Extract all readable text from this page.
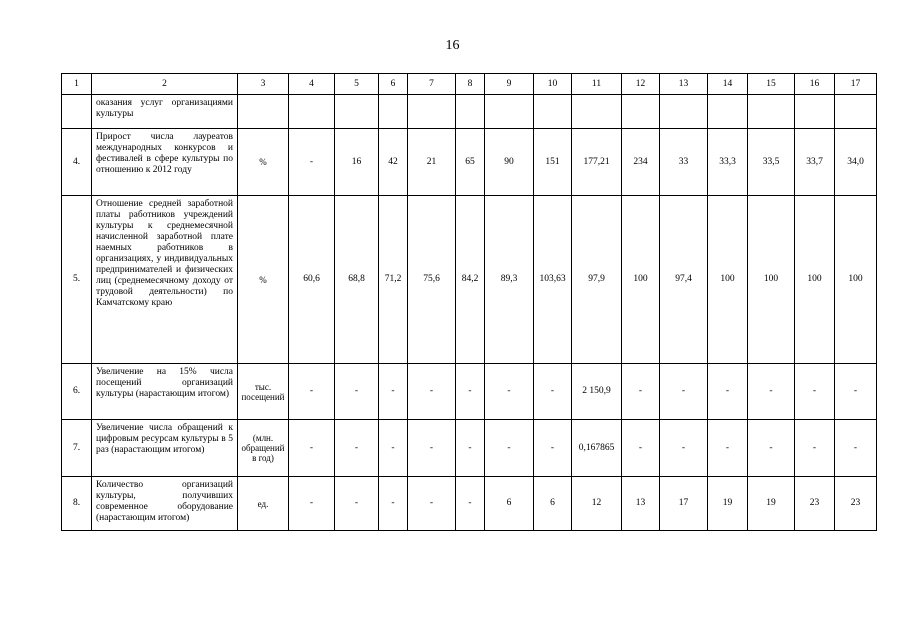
16
1	2	3	4	5	6	7	8	9	10	11	12	13	14	15	16	17
	оказания услуг организациями культуры															
4.	Прирост числа лауреатов международных конкурсов и фестивалей в сфере культуры по отношению к 2012 году	%	-	16	42	21	65	90	151	177,21	234	33	33,3	33,5	33,7	34,0
5.	Отношение средней заработной платы работников учреждений культуры к среднемесячной начисленной заработной плате наемных работников в организациях, у индивидуальных предпринимателей и физических лиц (среднемесячному доходу от трудовой деятельности) по Камчатскому краю	%	60,6	68,8	71,2	75,6	84,2	89,3	103,63	97,9	100	97,4	100	100	100	100
6.	Увеличение на 15% числа посещений организаций культуры (нарастающим итогом)	тыс. посещений	-	-	-	-	-	-	-	2 150,9	-	-	-	-	-	-
7.	Увеличение числа обращений к цифровым ресурсам культуры в 5 раз (нарастающим итогом)	(млн. обращений в год)	-	-	-	-	-	-	-	0,167865	-	-	-	-	-	-
8.	Количество организаций культуры, получивших современное оборудование (нарастающим итогом)	ед.	-	-	-	-	-	6	6	12	13	17	19	19	23	23
